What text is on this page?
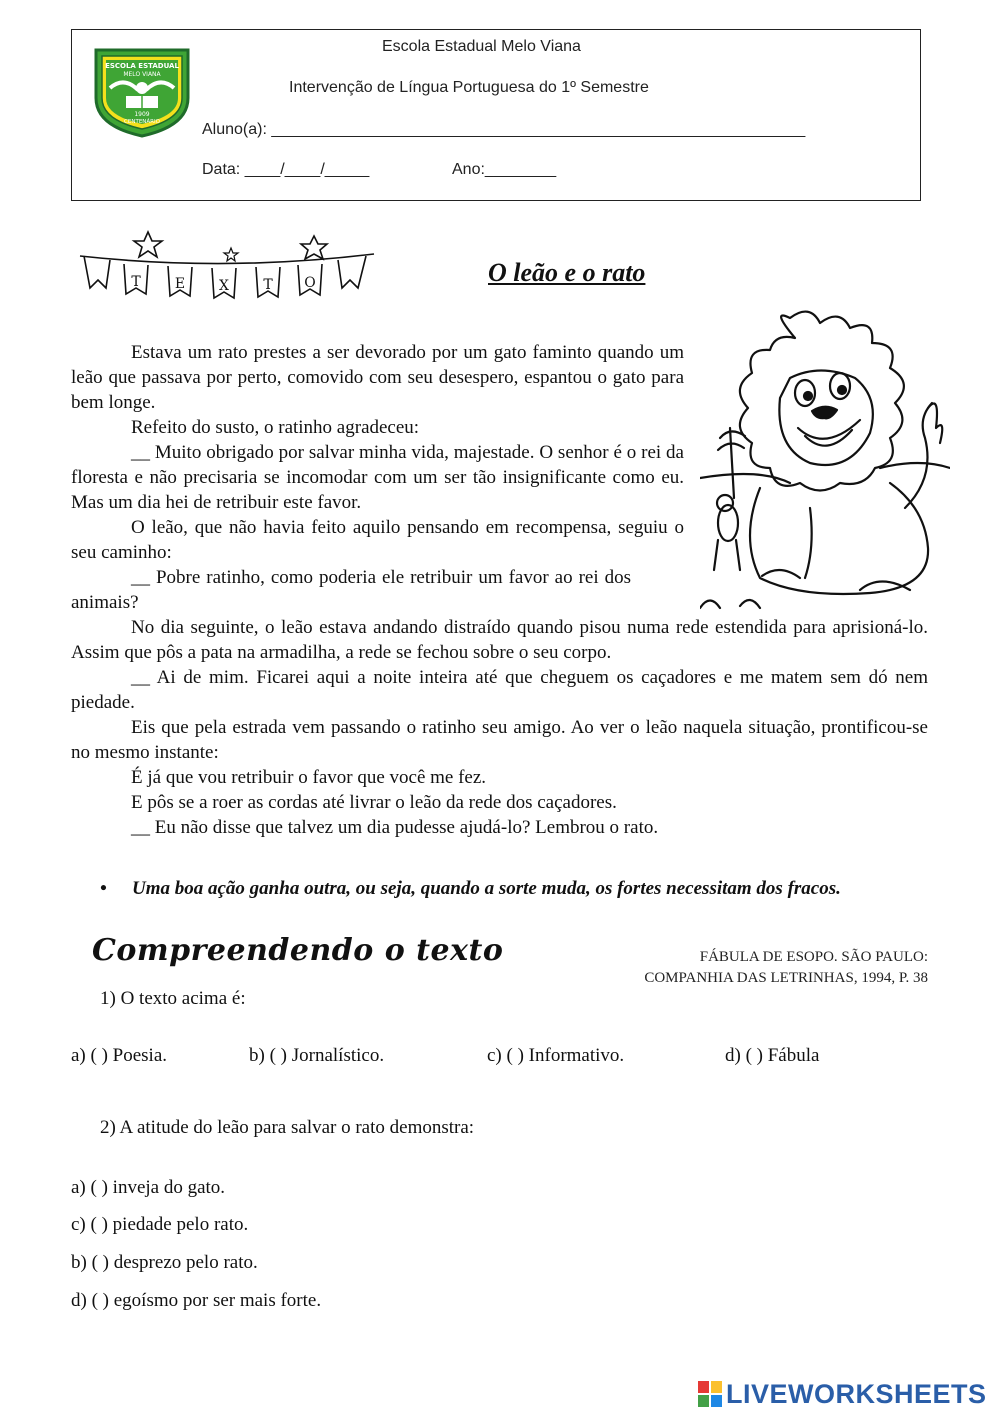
ESCOLA ESTADUAL
MELO VIANA
1909
CENTENÁRIO
Escola Estadual Melo Viana
Intervenção de Língua Portuguesa do 1º Semestre
Aluno(a): ____________________________________________________________
Data: ____/____/_____	Ano:________
T E X T O	O leão e o rato

Estava um rato prestes a ser devorado por um gato faminto quando um leão que passava por perto, comovido com seu desespero, espantou o gato para bem longe.

Refeito do susto, o ratinho agradeceu:

__ Muito obrigado por salvar minha vida, majestade. O senhor é o rei da floresta e não precisaria se incomodar com um ser tão insignificante como eu. Mas um dia hei de retribuir este favor.

O leão, que não havia feito aquilo pensando em recompensa, seguiu o seu caminho:

__ Pobre ratinho, como poderia ele retribuir um favor ao rei dos animais?

No dia seguinte, o leão estava andando distraído quando pisou numa rede estendida para aprisioná-lo. Assim que pôs a pata na armadilha, a rede se fechou sobre o seu corpo.

__ Ai de mim. Ficarei aqui a noite inteira até que cheguem os caçadores e me matem sem dó nem piedade.

Eis que pela estrada vem passando o ratinho seu amigo. Ao ver o leão naquela situação, prontificou-se no mesmo instante:

É já que vou retribuir o favor que você me fez.

E pôs se a roer as cordas até livrar o leão da rede dos caçadores.

__ Eu não disse que talvez um dia pudesse ajudá-lo? Lembrou o rato.

•	Uma boa ação ganha outra, ou seja, quando a sorte muda, os fortes necessitam dos fracos.
Compreendendo o texto	FÁBULA DE ESOPO. SÃO PAULO:
COMPANHIA DAS LETRINHAS, 1994, P. 38
1) O texto acima é:
a) ( ) Poesia.	b) ( ) Jornalístico.	c) ( ) Informativo.	d) ( ) Fábula
2) A atitude do leão para salvar o rato demonstra:
a) ( ) inveja do gato.
c) ( ) piedade pelo rato.
b) ( ) desprezo pelo rato.
d) ( ) egoísmo por ser mais forte.
LIVEWORKSHEETS
